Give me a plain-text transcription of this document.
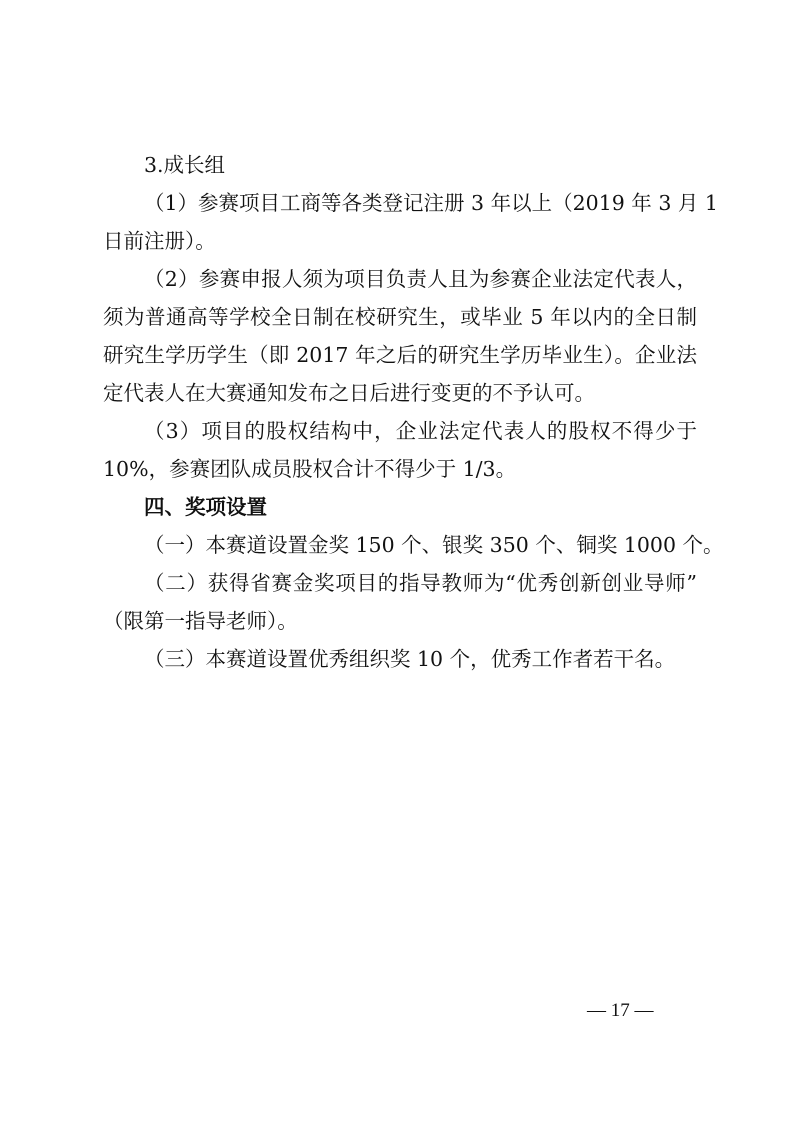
3.成长组
（1）参赛项目工商等各类登记注册 3 年以上（2019 年 3 月 1
日前注册）。
（2）参赛申报人须为项目负责人且为参赛企业法定代表人，
须为普通高等学校全日制在校研究生，或毕业 5 年以内的全日制
研究生学历学生（即 2017 年之后的研究生学历毕业生）。企业法
定代表人在大赛通知发布之日后进行变更的不予认可。
（3）项目的股权结构中，企业法定代表人的股权不得少于
10%，参赛团队成员股权合计不得少于 1/3。
四、奖项设置
（一）本赛道设置金奖 150 个、银奖 350 个、铜奖 1000 个。
（二）获得省赛金奖项目的指导教师为“优秀创新创业导师”
（限第一指导老师）。
（三）本赛道设置优秀组织奖 10 个，优秀工作者若干名。
— 17 —
